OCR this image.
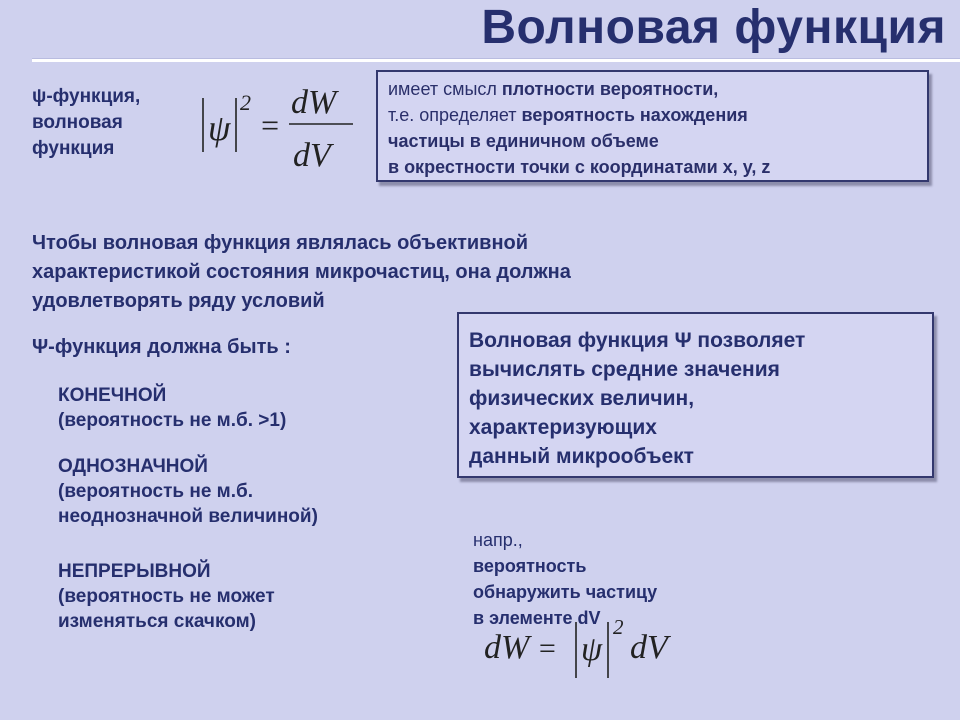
Волновая функция
ψ-функция,
волновая
функция
ψ
2
=
dW
dV
имеет смысл плотности вероятности,
т.е. определяет вероятность нахождения
частицы в единичном объеме
в окрестности точки с координатами x, y, z
Чтобы волновая функция являлась объективной
характеристикой состояния микрочастиц, она должна
удовлетворять ряду условий
Ψ-функция должна быть :
КОНЕЧНОЙ
(вероятность не м.б. >1)
ОДНОЗНАЧНОЙ
(вероятность не м.б.
неоднозначной величиной)
НЕПРЕРЫВНОЙ
(вероятность не может
изменяться скачком)
Волновая функция Ψ позволяет
вычислять средние значения
физических величин,
характеризующих
данный микрообъект
напр.,
вероятность
обнаружить частицу
в элементе dV
dW = ψ
2
dV
